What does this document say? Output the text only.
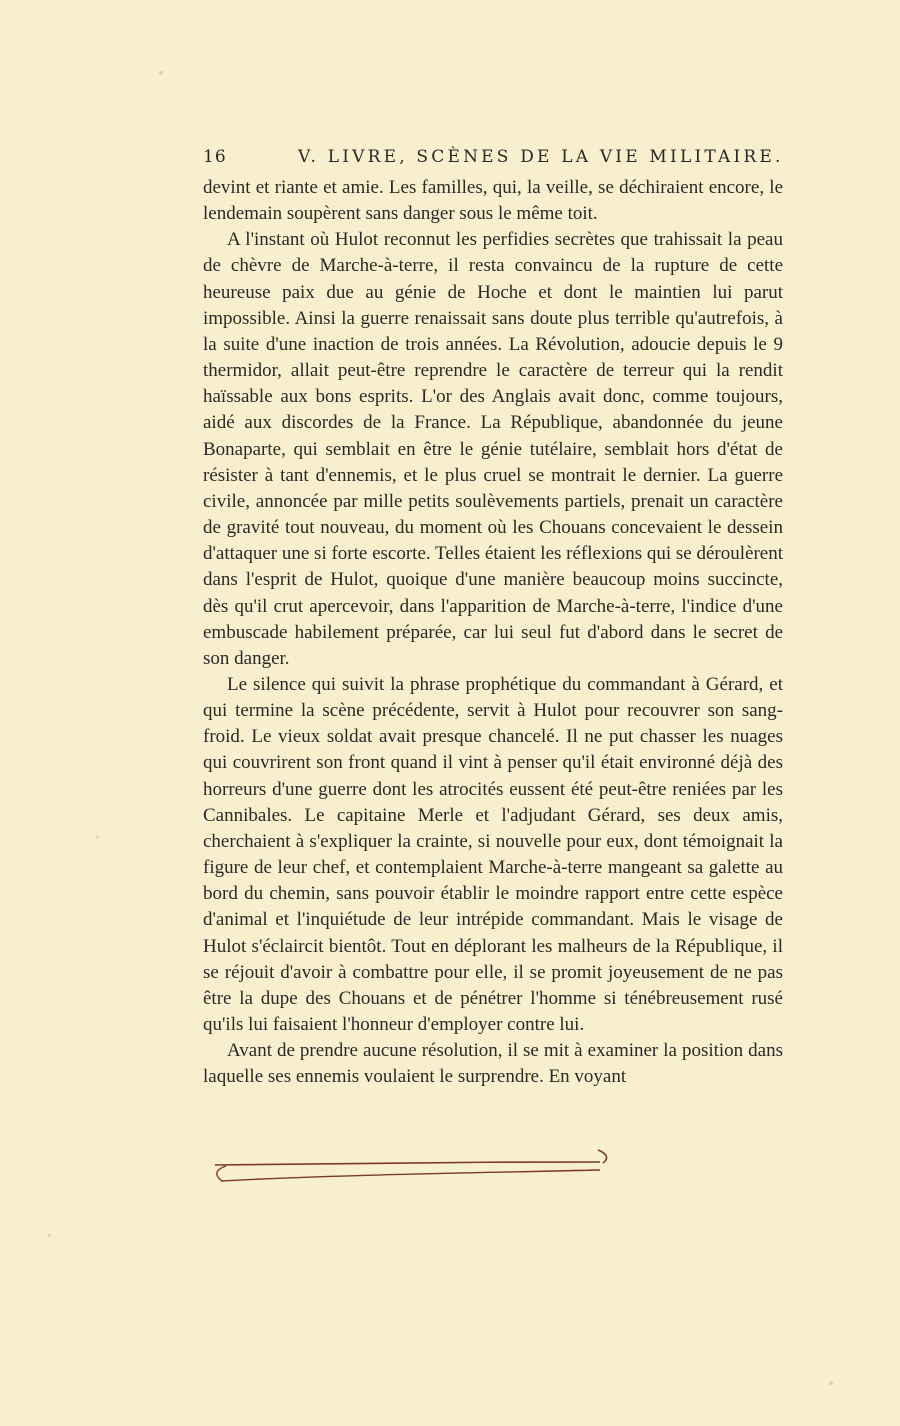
16	V. LIVRE, SCÈNES DE LA VIE MILITAIRE.

devint et riante et amie. Les familles, qui, la veille, se déchiraient encore, le lendemain soupèrent sans danger sous le même toit.

A l'instant où Hulot reconnut les perfidies secrètes que trahissait la peau de chèvre de Marche-à-terre, il resta convaincu de la rupture de cette heureuse paix due au génie de Hoche et dont le maintien lui parut impossible. Ainsi la guerre renaissait sans doute plus terrible qu'autrefois, à la suite d'une inaction de trois années. La Révolution, adoucie depuis le 9 thermidor, allait peut-être reprendre le caractère de terreur qui la rendit haïssable aux bons esprits. L'or des Anglais avait donc, comme toujours, aidé aux discordes de la France. La République, abandonnée du jeune Bonaparte, qui semblait en être le génie tutélaire, semblait hors d'état de résister à tant d'ennemis, et le plus cruel se montrait le dernier. La guerre civile, annoncée par mille petits soulèvements partiels, prenait un caractère de gravité tout nouveau, du moment où les Chouans concevaient le dessein d'attaquer une si forte escorte. Telles étaient les réflexions qui se déroulèrent dans l'esprit de Hulot, quoique d'une manière beaucoup moins succincte, dès qu'il crut apercevoir, dans l'apparition de Marche-à-terre, l'indice d'une embuscade habilement préparée, car lui seul fut d'abord dans le secret de son danger.

Le silence qui suivit la phrase prophétique du commandant à Gérard, et qui termine la scène précédente, servit à Hulot pour recouvrer son sang-froid. Le vieux soldat avait presque chancelé. Il ne put chasser les nuages qui couvrirent son front quand il vint à penser qu'il était environné déjà des horreurs d'une guerre dont les atrocités eussent été peut-être reniées par les Cannibales. Le capitaine Merle et l'adjudant Gérard, ses deux amis, cherchaient à s'expliquer la crainte, si nouvelle pour eux, dont témoignait la figure de leur chef, et contemplaient Marche-à-terre mangeant sa galette au bord du chemin, sans pouvoir établir le moindre rapport entre cette espèce d'animal et l'inquiétude de leur intrépide commandant. Mais le visage de Hulot s'éclaircit bientôt. Tout en déplorant les malheurs de la République, il se réjouit d'avoir à combattre pour elle, il se promit joyeusement de ne pas être la dupe des Chouans et de pénétrer l'homme si ténébreusement rusé qu'ils lui faisaient l'honneur d'employer contre lui.

Avant de prendre aucune résolution, il se mit à examiner la position dans laquelle ses ennemis voulaient le surprendre. En voyant
